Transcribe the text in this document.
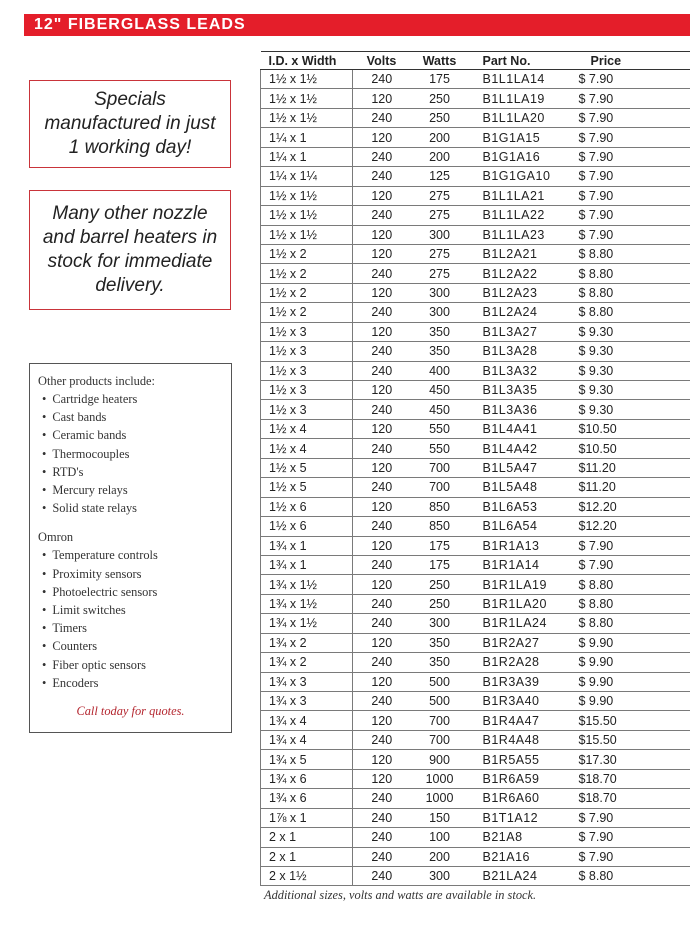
12" FIBERGLASS LEADS
Specials manufactured in just 1 working day!
Many other nozzle and barrel heaters in stock for immediate delivery.
Other products include:
• Cartridge heaters
• Cast bands
• Ceramic bands
• Thermocouples
• RTD's
• Mercury relays
• Solid state relays
Omron
• Temperature controls
• Proximity sensors
• Photoelectric sensors
• Limit switches
• Timers
• Counters
• Fiber optic sensors
• Encoders
Call today for quotes.
I.D. x Width	Volts	Watts	Part No.	Price
1½ x 1½	240	175	B1L1LA14	$ 7.90
1½ x 1½	120	250	B1L1LA19	$ 7.90
1½ x 1½	240	250	B1L1LA20	$ 7.90
1¼ x 1	120	200	B1G1A15	$ 7.90
1¼ x 1	240	200	B1G1A16	$ 7.90
1¼ x 1¼	240	125	B1G1GA10	$ 7.90
1½ x 1½	120	275	B1L1LA21	$ 7.90
1½ x 1½	240	275	B1L1LA22	$ 7.90
1½ x 1½	120	300	B1L1LA23	$ 7.90
1½ x 2	120	275	B1L2A21	$ 8.80
1½ x 2	240	275	B1L2A22	$ 8.80
1½ x 2	120	300	B1L2A23	$ 8.80
1½ x 2	240	300	B1L2A24	$ 8.80
1½ x 3	120	350	B1L3A27	$ 9.30
1½ x 3	240	350	B1L3A28	$ 9.30
1½ x 3	240	400	B1L3A32	$ 9.30
1½ x 3	120	450	B1L3A35	$ 9.30
1½ x 3	240	450	B1L3A36	$ 9.30
1½ x 4	120	550	B1L4A41	$10.50
1½ x 4	240	550	B1L4A42	$10.50
1½ x 5	120	700	B1L5A47	$11.20
1½ x 5	240	700	B1L5A48	$11.20
1½ x 6	120	850	B1L6A53	$12.20
1½ x 6	240	850	B1L6A54	$12.20
1¾ x 1	120	175	B1R1A13	$ 7.90
1¾ x 1	240	175	B1R1A14	$ 7.90
1¾ x 1½	120	250	B1R1LA19	$ 8.80
1¾ x 1½	240	250	B1R1LA20	$ 8.80
1¾ x 1½	240	300	B1R1LA24	$ 8.80
1¾ x 2	120	350	B1R2A27	$ 9.90
1¾ x 2	240	350	B1R2A28	$ 9.90
1¾ x 3	120	500	B1R3A39	$ 9.90
1¾ x 3	240	500	B1R3A40	$ 9.90
1¾ x 4	120	700	B1R4A47	$15.50
1¾ x 4	240	700	B1R4A48	$15.50
1¾ x 5	120	900	B1R5A55	$17.30
1¾ x 6	120	1000	B1R6A59	$18.70
1¾ x 6	240	1000	B1R6A60	$18.70
1⅞ x 1	240	150	B1T1A12	$ 7.90
2 x 1	240	100	B21A8	$ 7.90
2 x 1	240	200	B21A16	$ 7.90
2 x 1½	240	300	B21LA24	$ 8.80
Additional sizes, volts and watts are available in stock.
